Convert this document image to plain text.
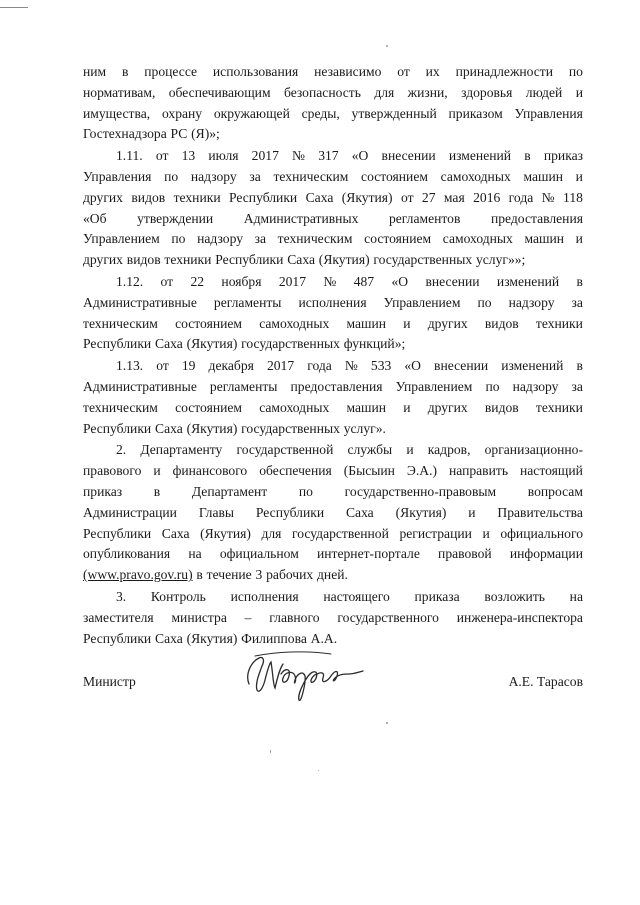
ним в процессе использования независимо от их принадлежности по
нормативам, обеспечивающим безопасность для жизни, здоровья людей и
имущества, охрану окружающей среды, утвержденный приказом Управления
Гостехнадзора РС (Я)»;
1.11. от 13 июля 2017 № 317 «О внесении изменений в приказ
Управления по надзору за техническим состоянием самоходных машин и
других видов техники Республики Саха (Якутия) от 27 мая 2016 года № 118
«Об утверждении Административных регламентов предоставления
Управлением по надзору за техническим состоянием самоходных машин и
других видов техники Республики Саха (Якутия) государственных услуг»»;
1.12. от 22 ноября 2017 № 487 «О внесении изменений в
Административные регламенты исполнения Управлением по надзору за
техническим состоянием самоходных машин и других видов техники
Республики Саха (Якутия) государственных функций»;
1.13. от 19 декабря 2017 года № 533 «О внесении изменений в
Административные регламенты предоставления Управлением по надзору за
техническим состоянием самоходных машин и других видов техники
Республики Саха (Якутия) государственных услуг».
2. Департаменту государственной службы и кадров, организационно-
правового и финансового обеспечения (Бысыин Э.А.) направить настоящий
приказ в Департамент по государственно-правовым вопросам
Администрации Главы Республики Саха (Якутия) и Правительства
Республики Саха (Якутия) для государственной регистрации и официального
опубликования на официальном интернет-портале правовой информации
(www.pravo.gov.ru) в течение 3 рабочих дней.
3. Контроль исполнения настоящего приказа возложить на
заместителя министра – главного государственного инженера-инспектора
Республики Саха (Якутия) Филиппова А.А.
Министр	А.Е. Тарасов
